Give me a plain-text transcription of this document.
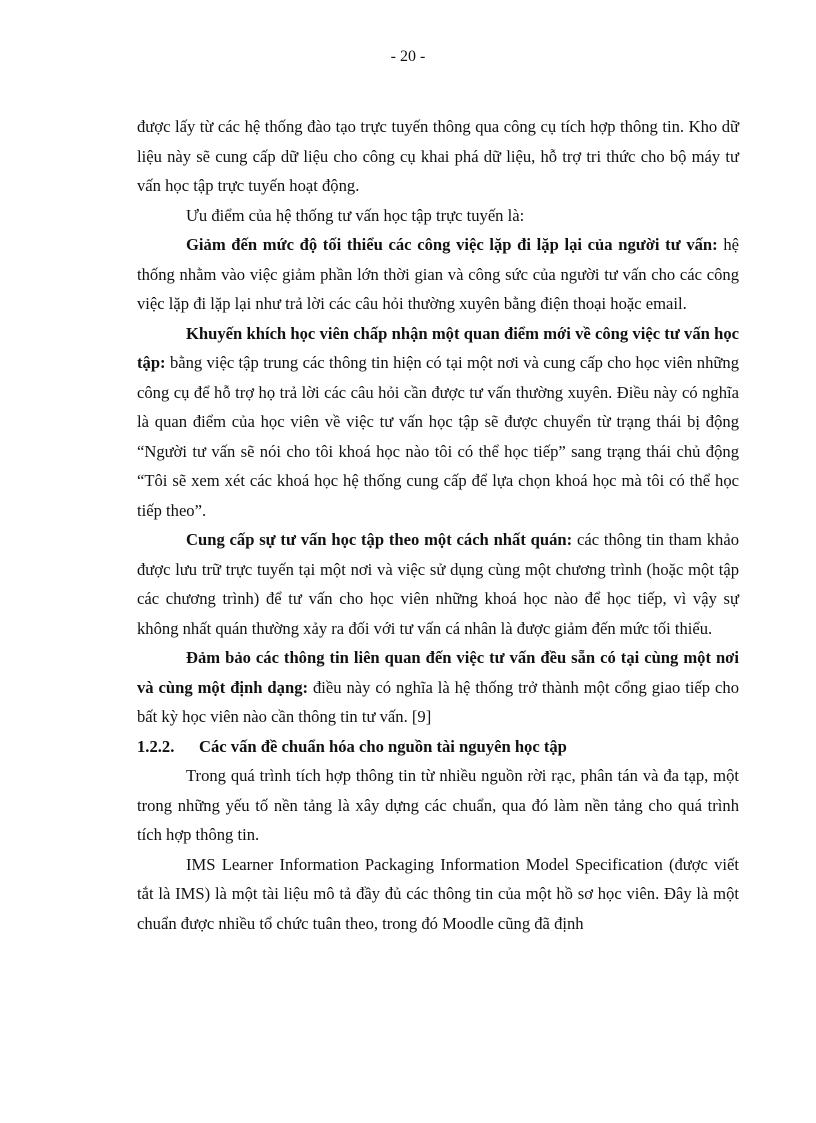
- 20 -

được lấy từ các hệ thống đào tạo trực tuyến thông qua công cụ tích hợp thông tin. Kho dữ liệu này sẽ cung cấp dữ liệu cho công cụ khai phá dữ liệu, hỗ trợ tri thức cho bộ máy tư vấn học tập trực tuyến hoạt động.

Ưu điểm của hệ thống tư vấn học tập trực tuyến là:

Giảm đến mức độ tối thiểu các công việc lặp đi lặp lại của người tư vấn: hệ thống nhằm vào việc giảm phần lớn thời gian và công sức của người tư vấn cho các công việc lặp đi lặp lại như trả lời các câu hỏi thường xuyên bằng điện thoại hoặc email.

Khuyến khích học viên chấp nhận một quan điểm mới về công việc tư vấn học tập: bằng việc tập trung các thông tin hiện có tại một nơi và cung cấp cho học viên những công cụ để hỗ trợ họ trả lời các câu hỏi cần được tư vấn thường xuyên. Điều này có nghĩa là quan điểm của học viên về việc tư vấn học tập sẽ được chuyển từ trạng thái bị động “Người tư vấn sẽ nói cho tôi khoá học nào tôi có thể học tiếp” sang trạng thái chủ động “Tôi sẽ xem xét các khoá học hệ thống cung cấp để lựa chọn khoá học mà tôi có thể học tiếp theo”.

Cung cấp sự tư vấn học tập theo một cách nhất quán: các thông tin tham khảo được lưu trữ trực tuyến tại một nơi và việc sử dụng cùng một chương trình (hoặc một tập các chương trình) để tư vấn cho học viên những khoá học nào để học tiếp, vì vậy sự không nhất quán thường xảy ra đối với tư vấn cá nhân là được giảm đến mức tối thiểu.

Đảm bảo các thông tin liên quan đến việc tư vấn đều sẵn có tại cùng một nơi và cùng một định dạng: điều này có nghĩa là hệ thống trở thành một cổng giao tiếp cho bất kỳ học viên nào cần thông tin tư vấn. [9]

1.2.2. Các vấn đề chuẩn hóa cho nguồn tài nguyên học tập

Trong quá trình tích hợp thông tin từ nhiều nguồn rời rạc, phân tán và đa tạp, một trong những yếu tố nền tảng là xây dựng các chuẩn, qua đó làm nền tảng cho quá trình tích hợp thông tin.

IMS Learner Information Packaging Information Model Specification (được viết tắt là IMS) là một tài liệu mô tả đầy đủ các thông tin của một hồ sơ học viên. Đây là một chuẩn được nhiều tổ chức tuân theo, trong đó Moodle cũng đã định
